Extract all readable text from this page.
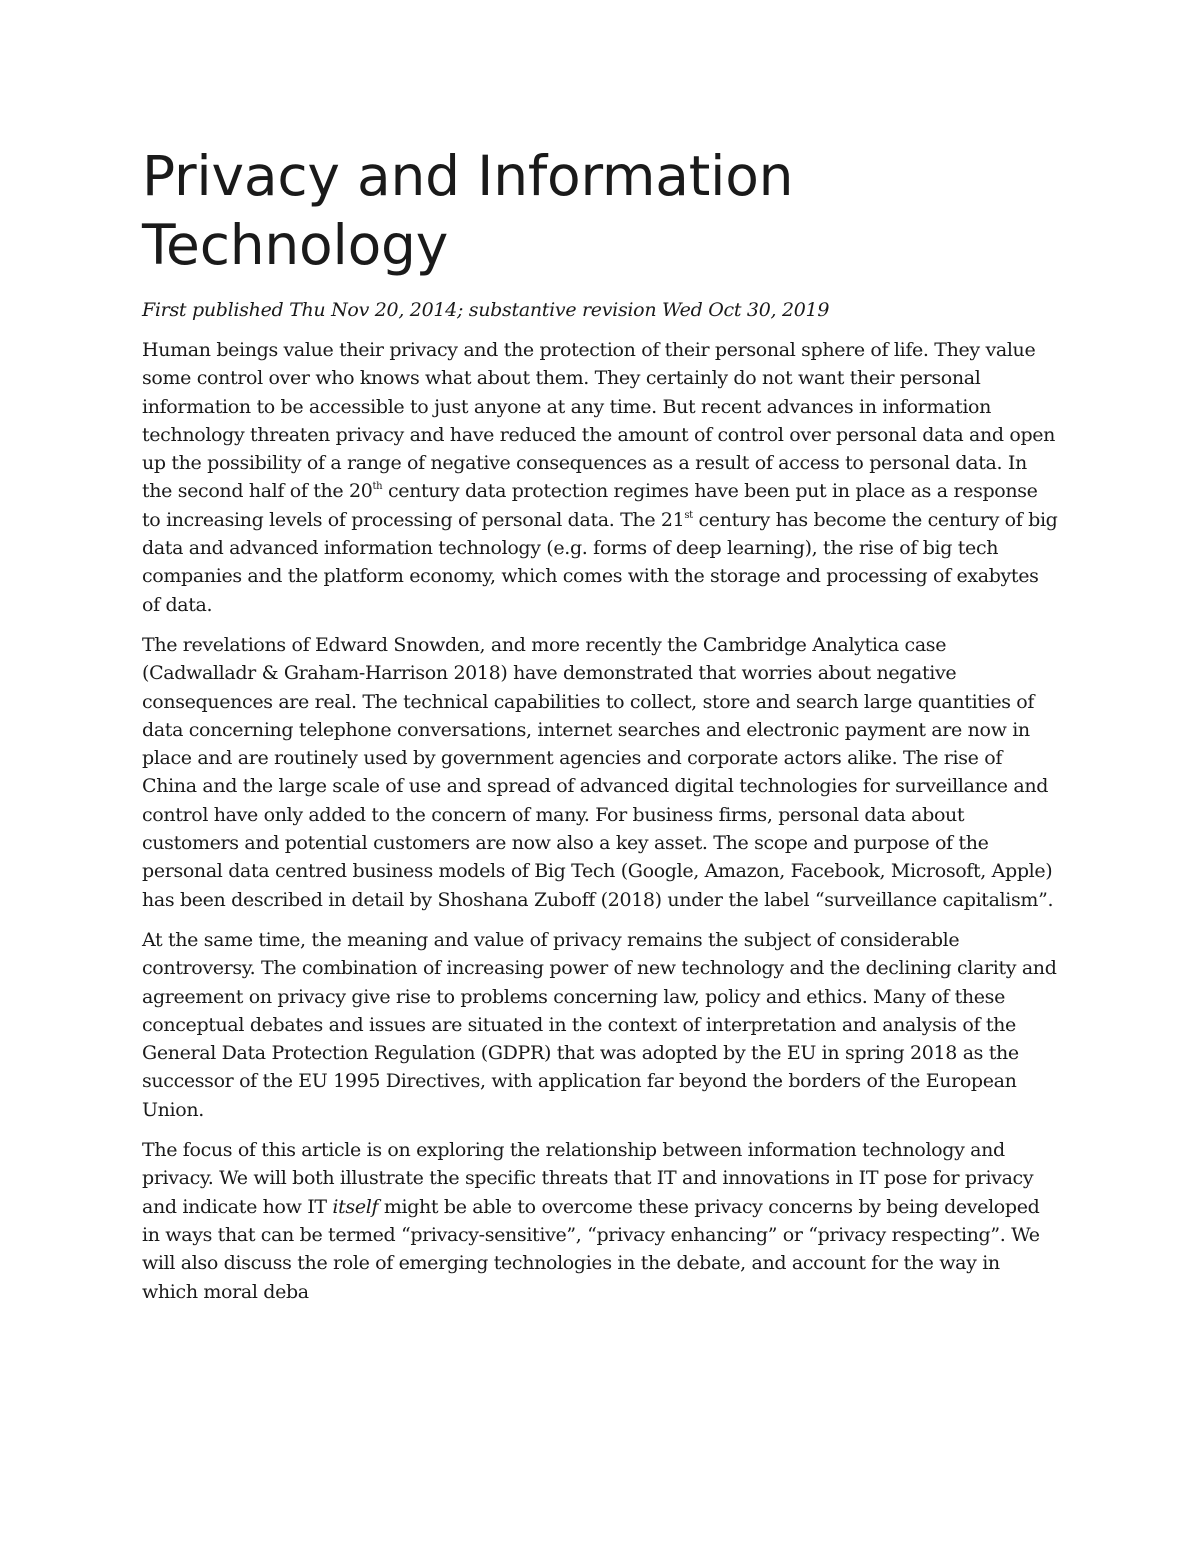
Privacy and Information Technology

First published Thu Nov 20, 2014; substantive revision Wed Oct 30, 2019

Human beings value their privacy and the protection of their personal sphere of life. They value some control over who knows what about them. They certainly do not want their personal information to be accessible to just anyone at any time. But recent advances in information technology threaten privacy and have reduced the amount of control over personal data and open up the possibility of a range of negative consequences as a result of access to personal data. In the second half of the 20th century data protection regimes have been put in place as a response to increasing levels of processing of personal data. The 21st century has become the century of big data and advanced information technology (e.g. forms of deep learning), the rise of big tech companies and the platform economy, which comes with the storage and processing of exabytes of data.

The revelations of Edward Snowden, and more recently the Cambridge Analytica case (Cadwalladr & Graham-Harrison 2018) have demonstrated that worries about negative consequences are real. The technical capabilities to collect, store and search large quantities of data concerning telephone conversations, internet searches and electronic payment are now in place and are routinely used by government agencies and corporate actors alike. The rise of China and the large scale of use and spread of advanced digital technologies for surveillance and control have only added to the concern of many. For business firms, personal data about customers and potential customers are now also a key asset. The scope and purpose of the personal data centred business models of Big Tech (Google, Amazon, Facebook, Microsoft, Apple) has been described in detail by Shoshana Zuboff (2018) under the label “surveillance capitalism”.

At the same time, the meaning and value of privacy remains the subject of considerable controversy. The combination of increasing power of new technology and the declining clarity and agreement on privacy give rise to problems concerning law, policy and ethics. Many of these conceptual debates and issues are situated in the context of interpretation and analysis of the General Data Protection Regulation (GDPR) that was adopted by the EU in spring 2018 as the successor of the EU 1995 Directives, with application far beyond the borders of the European Union.

The focus of this article is on exploring the relationship between information technology and privacy. We will both illustrate the specific threats that IT and innovations in IT pose for privacy and indicate how IT itself might be able to overcome these privacy concerns by being developed in ways that can be termed “privacy-sensitive”, “privacy enhancing” or “privacy respecting”. We will also discuss the role of emerging technologies in the debate, and account for the way in which moral deba
